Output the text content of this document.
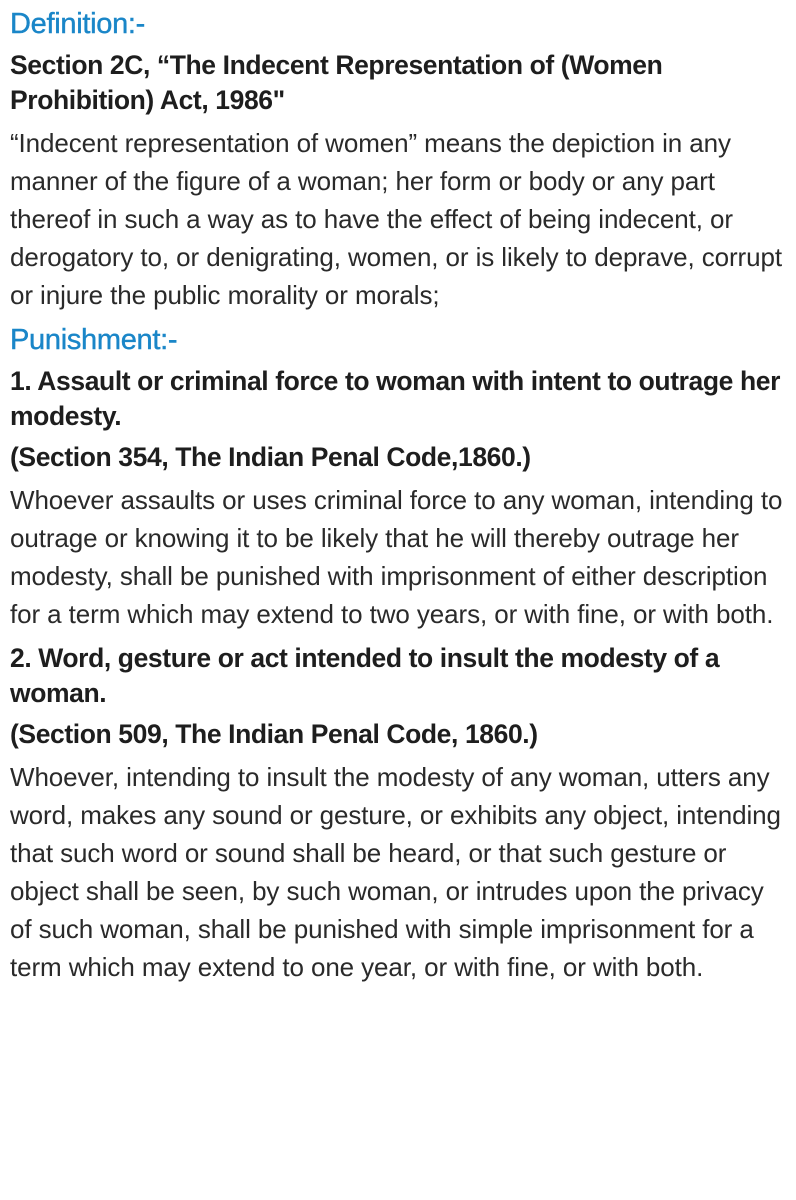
Definition:-
Section 2C, “The Indecent Representation of (Women
Prohibition) Act, 1986"

“Indecent representation of women” means the depiction in any manner of the figure of a woman; her form or body or any part thereof in such a way as to have the effect of being indecent, or derogatory to, or denigrating, women, or is likely to deprave, corrupt or injure the public morality or morals;

Punishment:-
1. Assault or criminal force to woman with intent to outrage her modesty.
(Section 354, The Indian Penal Code,1860.)

Whoever assaults or uses criminal force to any woman, intending to outrage or knowing it to be likely that he will thereby outrage her modesty, shall be punished with imprisonment of either description for a term which may extend to two years, or with fine, or with both.

2. Word, gesture or act intended to insult the modesty of a woman.
(Section 509, The Indian Penal Code, 1860.)

Whoever, intending to insult the modesty of any woman, utters any word, makes any sound or gesture, or exhibits any object, intending that such word or sound shall be heard, or that such gesture or object shall be seen, by such woman, or intrudes upon the privacy of such woman, shall be punished with simple imprisonment for a term which may extend to one year, or with fine, or with both.
